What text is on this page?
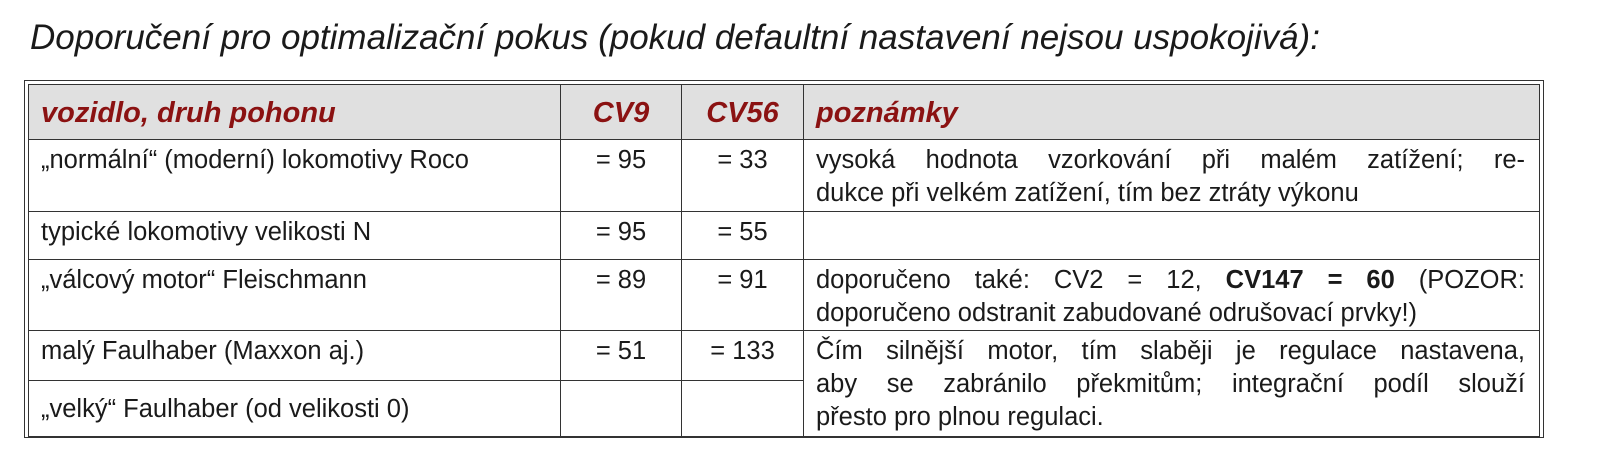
Doporučení pro optimalizační pokus (pokud defaultní nastavení nejsou uspokojivá):
vozidlo, druh pohonu	CV9	CV56	poznámky
„normální“ (moderní) lokomotivy Roco	= 95	= 33	vysoká hodnota vzorkování při malém zatížení; re-
dukce při velkém zatížení, tím bez ztráty výkonu

typické lokomotivy velikosti N	= 95	= 55	
„válcový motor“ Fleischmann	= 89	= 91	doporučeno také: CV2 = 12, CV147 = 60 (POZOR:
doporučeno odstranit zabudované odrušovací prvky!)

malý Faulhaber (Maxxon aj.)	= 51	= 133	Čím silnější motor, tím slaběji je regulace nastavena,
aby se zabránilo překmitům; integrační podíl slouží
přesto pro plnou regulaci.

„velký“ Faulhaber (od velikosti 0)			
